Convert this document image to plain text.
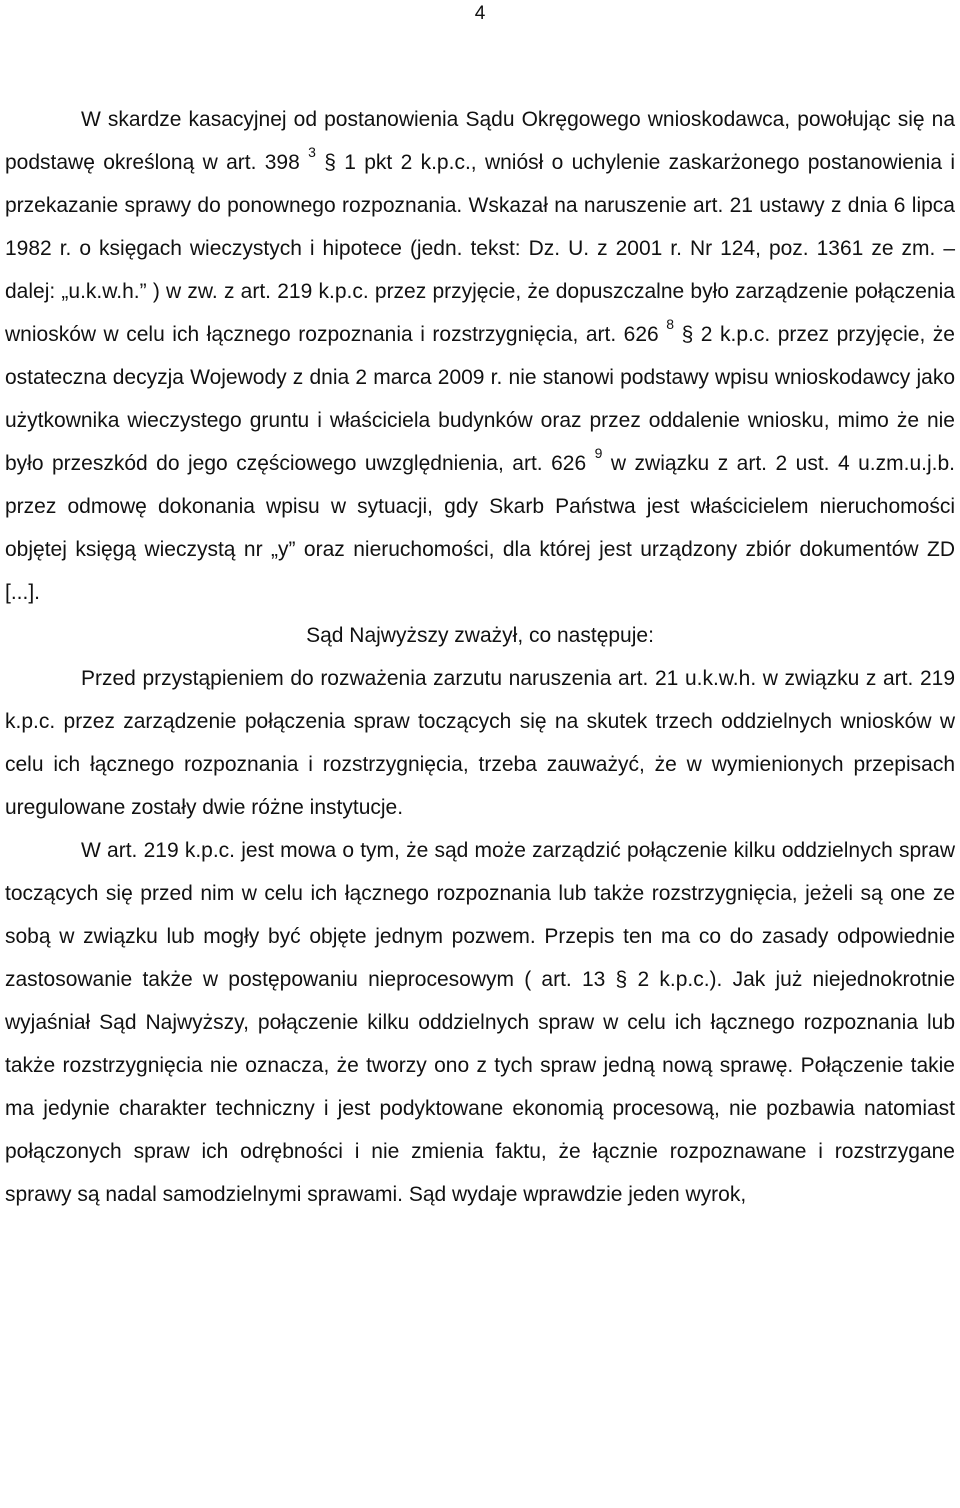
4

W skardze kasacyjnej od postanowienia Sądu Okręgowego wnioskodawca, powołując się na podstawę określoną w art. 398 $^3$ § 1 pkt 2 k.p.c., wniósł o uchylenie zaskarżonego postanowienia i przekazanie sprawy do ponownego rozpoznania. Wskazał na naruszenie art. 21 ustawy z dnia 6 lipca 1982 r. o księgach wieczystych i hipotece (jedn. tekst: Dz. U. z 2001 r. Nr 124, poz. 1361 ze zm. – dalej: „u.k.w.h.” ) w zw. z art. 219 k.p.c. przez przyjęcie, że dopuszczalne było zarządzenie połączenia wniosków w celu ich łącznego rozpoznania i rozstrzygnięcia, art. 626 $^8$ § 2 k.p.c. przez przyjęcie, że ostateczna decyzja Wojewody z dnia 2 marca 2009 r. nie stanowi podstawy wpisu wnioskodawcy jako użytkownika wieczystego gruntu i właściciela budynków oraz przez oddalenie wniosku, mimo że nie było przeszkód do jego częściowego uwzględnienia, art. 626 $^9$ w związku z art. 2 ust. 4 u.zm.u.j.b. przez odmowę dokonania wpisu w sytuacji, gdy Skarb Państwa jest właścicielem nieruchomości objętej księgą wieczystą nr „y” oraz nieruchomości, dla której jest urządzony zbiór dokumentów ZD [...].

Sąd Najwyższy zważył, co następuje:

Przed przystąpieniem do rozważenia zarzutu naruszenia art. 21 u.k.w.h. w związku z art. 219 k.p.c. przez zarządzenie połączenia spraw toczących się na skutek trzech oddzielnych wniosków w celu ich łącznego rozpoznania i rozstrzygnięcia, trzeba zauważyć, że w wymienionych przepisach uregulowane zostały dwie różne instytucje.

W art. 219 k.p.c. jest mowa o tym, że sąd może zarządzić połączenie kilku oddzielnych spraw toczących się przed nim w celu ich łącznego rozpoznania lub także rozstrzygnięcia, jeżeli są one ze sobą w związku lub mogły być objęte jednym pozwem. Przepis ten ma co do zasady odpowiednie zastosowanie także w postępowaniu nieprocesowym ( art. 13 § 2 k.p.c.). Jak już niejednokrotnie wyjaśniał Sąd Najwyższy, połączenie kilku oddzielnych spraw w celu ich łącznego rozpoznania lub także rozstrzygnięcia nie oznacza, że tworzy ono z tych spraw jedną nową sprawę. Połączenie takie ma jedynie charakter techniczny i jest podyktowane ekonomią procesową, nie pozbawia natomiast połączonych spraw ich odrębności i nie zmienia faktu, że łącznie rozpoznawane i rozstrzygane sprawy są nadal samodzielnymi sprawami. Sąd wydaje wprawdzie jeden wyrok,
